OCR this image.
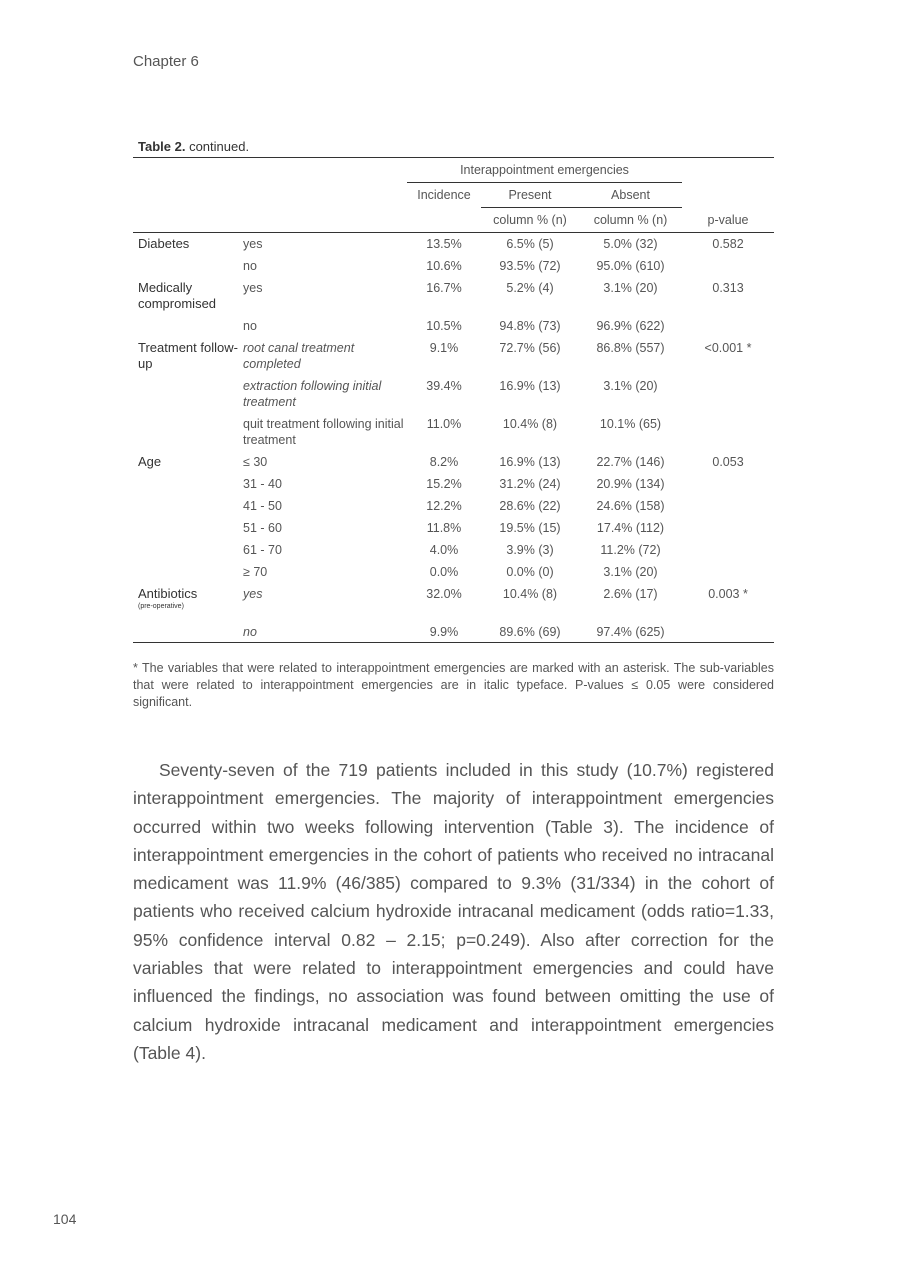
Chapter 6
Table 2. continued.
		Interappointment emergencies			
		Incidence	Present	Absent	
			column % (n)	column % (n)	p-value
Diabetes	yes	13.5%	6.5% (5)	5.0% (32)	0.582
	no	10.6%	93.5% (72)	95.0% (610)	
Medically compromised	yes	16.7%	5.2% (4)	3.1% (20)	0.313
	no	10.5%	94.8% (73)	96.9% (622)	
Treatment follow-up	root canal treatment completed	9.1%	72.7% (56)	86.8% (557)	<0.001 *
	extraction following initial treatment	39.4%	16.9% (13)	3.1% (20)	
	quit treatment following initial treatment	11.0%	10.4% (8)	10.1% (65)	
Age	≤ 30	8.2%	16.9% (13)	22.7% (146)	0.053
	31 - 40	15.2%	31.2% (24)	20.9% (134)	
	41 - 50	12.2%	28.6% (22)	24.6% (158)	
	51 - 60	11.8%	19.5% (15)	17.4% (112)	
	61 - 70	4.0%	3.9% (3)	11.2% (72)	
	≥ 70	0.0%	0.0% (0)	3.1% (20)	
Antibiotics
(pre-operative)	yes	32.0%	10.4% (8)	2.6% (17)	0.003 *
	no	9.9%	89.6% (69)	97.4% (625)	
* The variables that were related to interappointment emergencies are marked with an asterisk. The sub-variables that were related to interappointment emergencies are in italic typeface. P-values ≤ 0.05 were considered significant.

Seventy-seven of the 719 patients included in this study (10.7%) registered interappointment emergencies. The majority of interappointment emergencies occurred within two weeks following intervention (Table 3). The incidence of interappointment emergencies in the cohort of patients who received no intracanal medicament was 11.9% (46/385) compared to 9.3% (31/334) in the cohort of patients who received calcium hydroxide intracanal medicament (odds ratio=1.33, 95% confidence interval 0.82 – 2.15; p=0.249). Also after correction for the variables that were related to interappointment emergencies and could have influenced the findings, no association was found between omitting the use of calcium hydroxide intracanal medicament and interappointment emergencies (Table 4).

104
